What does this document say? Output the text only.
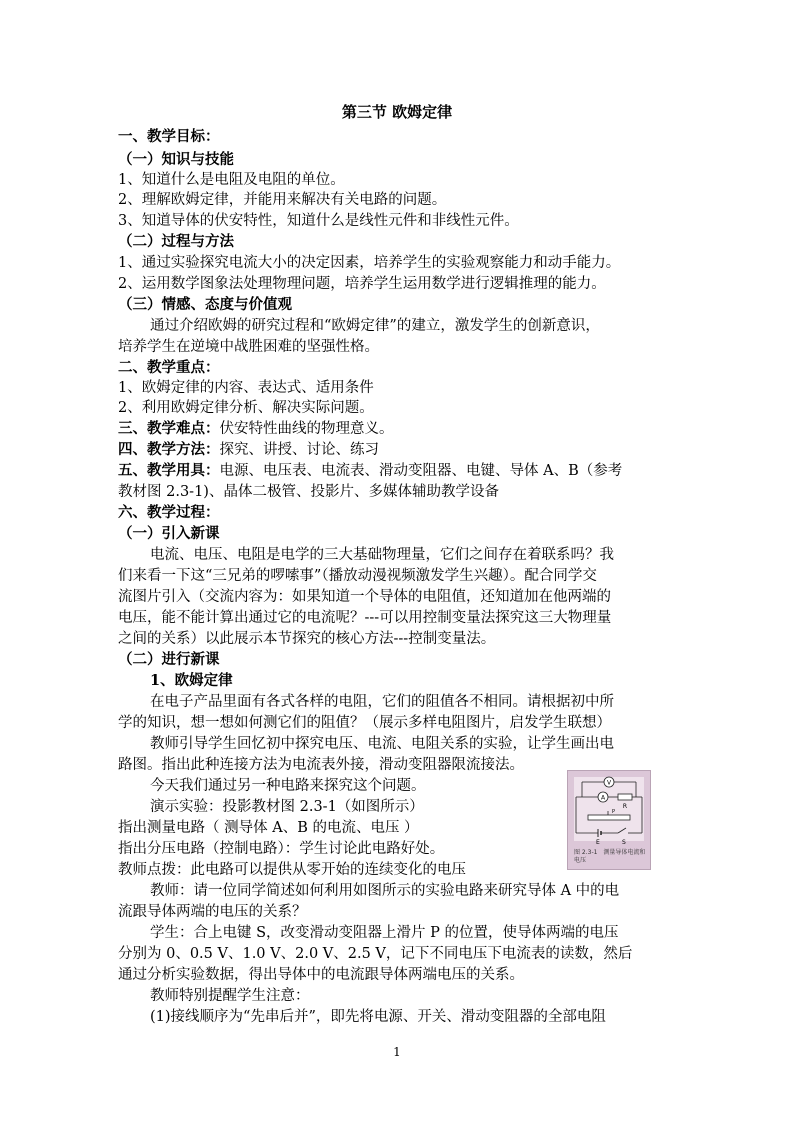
第三节 欧姆定律
一、教学目标：
（一）知识与技能
1、知道什么是电阻及电阻的单位。
2、理解欧姆定律，并能用来解决有关电路的问题。
3、知道导体的伏安特性，知道什么是线性元件和非线性元件。
（二）过程与方法
1、通过实验探究电流大小的决定因素，培养学生的实验观察能力和动手能力。
2、运用数学图象法处理物理问题，培养学生运用数学进行逻辑推理的能力。
（三）情感、态度与价值观
通过介绍欧姆的研究过程和“欧姆定律”的建立，激发学生的创新意识，
培养学生在逆境中战胜困难的坚强性格。
二、教学重点：
1、欧姆定律的内容、表达式、适用条件
2、利用欧姆定律分析、解决实际问题。
三、教学难点：伏安特性曲线的物理意义。
四、教学方法：探究、讲授、讨论、练习
五、教学用具：电源、电压表、电流表、滑动变阻器、电键、导体 A、B（参考
教材图 2.3-1)、晶体二极管、投影片、多媒体辅助教学设备
六、教学过程：
（一）引入新课
电流、电压、电阻是电学的三大基础物理量，它们之间存在着联系吗？我
们来看一下这“三兄弟的啰嗦事”（播放动漫视频激发学生兴趣）。配合同学交
流图片引入（交流内容为：如果知道一个导体的电阻值，还知道加在他两端的
电压，能不能计算出通过它的电流呢？---可以用控制变量法探究这三大物理量
之间的关系）以此展示本节探究的核心方法---控制变量法。
（二）进行新课
1、欧姆定律
在电子产品里面有各式各样的电阻，它们的阻值各不相同。请根据初中所
学的知识，想一想如何测它们的阻值？（展示多样电阻图片，启发学生联想）
教师引导学生回忆初中探究电压、电流、电阻关系的实验，让学生画出电
路图。指出此种连接方法为电流表外接，滑动变阻器限流接法。
今天我们通过另一种电路来探究这个问题。
演示实验：投影教材图 2.3-1（如图所示）
指出测量电路（ 测导体 A、B 的电流、电压 ）
指出分压电路（控制电路）：学生讨论此电路好处。
教师点拨：此电路可以提供从零开始的连续变化的电压
教师：请一位同学简述如何利用如图所示的实验电路来研究导体 A 中的电
流跟导体两端的电压的关系？
学生：合上电键 S，改变滑动变阻器上滑片 P 的位置，使导体两端的电压
分别为 0、0.5 V、1.0 V、2.0 V、2.5 V，记下不同电压下电流表的读数，然后
通过分析实验数据，得出导体中的电流跟导体两端电压的关系。
教师特别提醒学生注意：
(1)接线顺序为“先串后并”，即先将电源、开关、滑动变阻器的全部电阻
V
A
R
P
E	S
图 2.3-1　测量导体电流和电压
1
